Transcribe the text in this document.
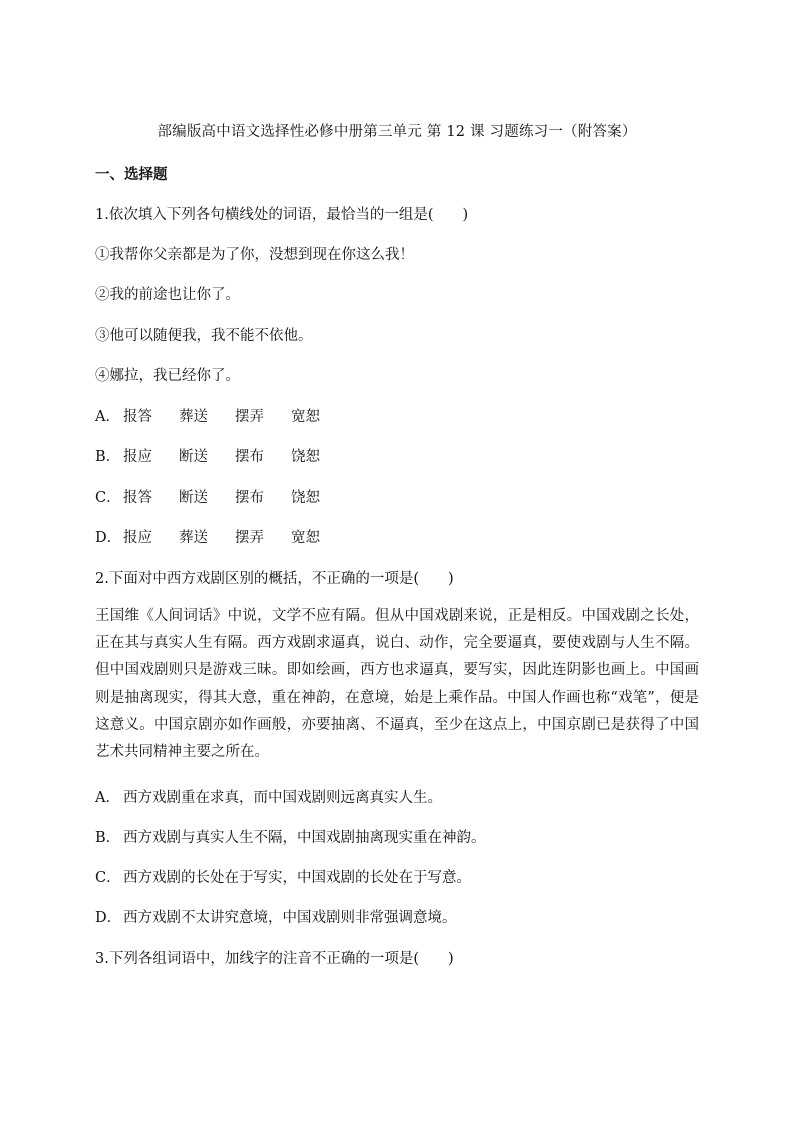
部编版高中语文选择性必修中册第三单元 第 12 课 习题练习一（附答案）
一、选择题
1.依次填入下列各句横线处的词语，最恰当的一组是(　　)
①我帮你父亲都是为了你，没想到现在你这么我！
②我的前途也让你了。
③他可以随便我，我不能不依他。
④娜拉，我已经你了。
A． 报答 葬送 摆弄 宽恕
B． 报应 断送 摆布 饶恕
C． 报答 断送 摆布 饶恕
D． 报应 葬送 摆弄 宽恕
2.下面对中西方戏剧区别的概括，不正确的一项是(　　)
王国维《人间词话》中说，文学不应有隔。但从中国戏剧来说，正是相反。中国戏剧之长处，正在其与真实人生有隔。西方戏剧求逼真，说白、动作，完全要逼真，要使戏剧与人生不隔。但中国戏剧则只是游戏三昧。即如绘画，西方也求逼真，要写实，因此连阴影也画上。中国画则是抽离现实，得其大意，重在神韵，在意境，始是上乘作品。中国人作画也称“戏笔”，便是这意义。中国京剧亦如作画般，亦要抽离、不逼真，至少在这点上，中国京剧已是获得了中国艺术共同精神主要之所在。
A． 西方戏剧重在求真，而中国戏剧则远离真实人生。
B． 西方戏剧与真实人生不隔，中国戏剧抽离现实重在神韵。
C． 西方戏剧的长处在于写实，中国戏剧的长处在于写意。
D． 西方戏剧不太讲究意境，中国戏剧则非常强调意境。
3.下列各组词语中，加线字的注音不正确的一项是(　　)
